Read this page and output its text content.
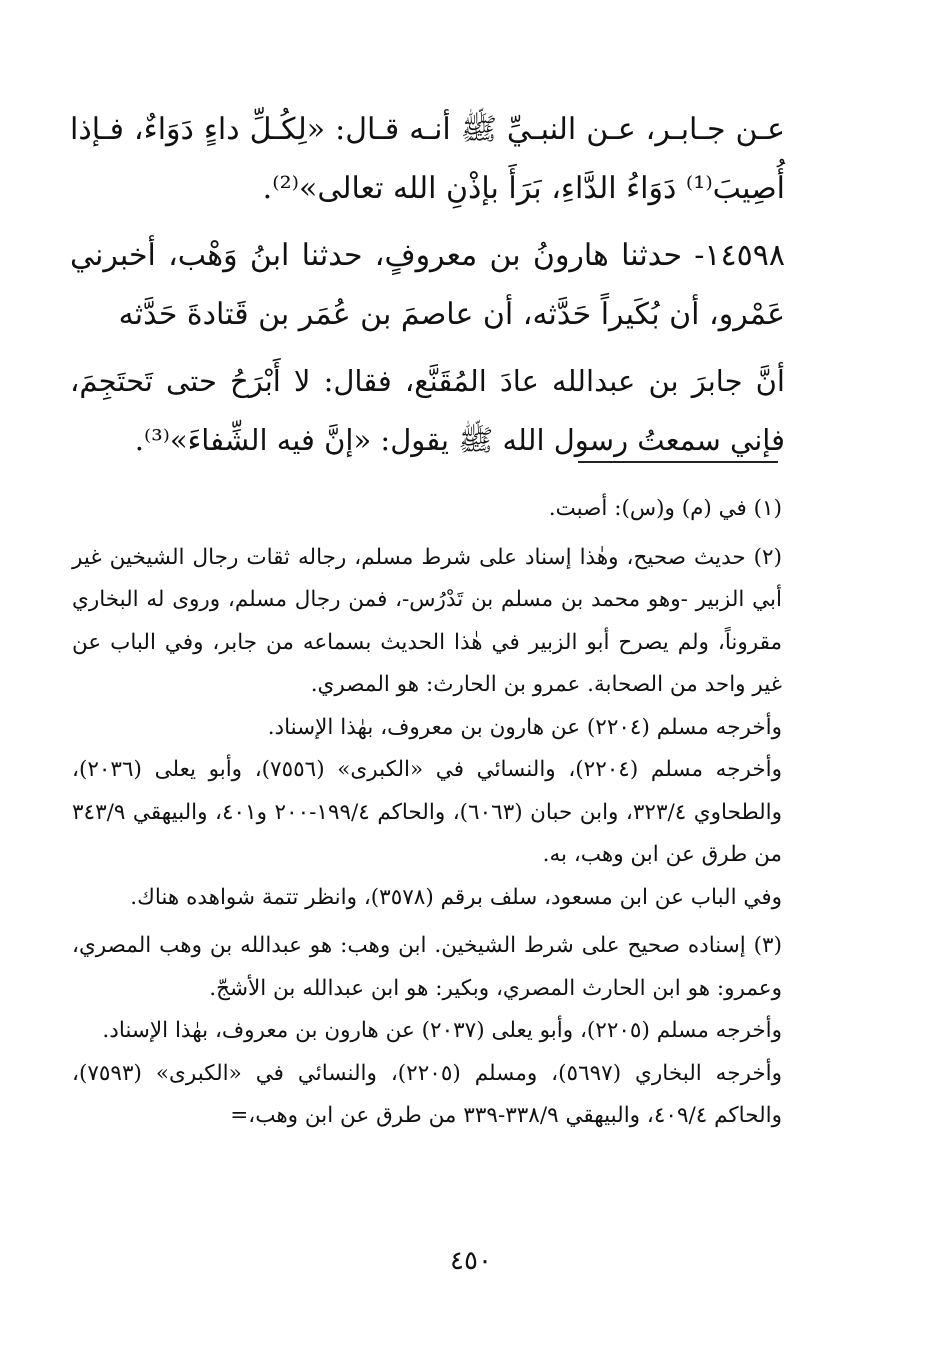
عـن جـابـر، عـن النبـيِّ ﷺ أنـه قـال: «لِكُـلِّ داءٍ دَوَاءٌ، فـإذا أُصِيبَ⁽¹⁾ دَوَاءُ الدَّاءِ، بَرَأَ بإذْنِ الله تعالى»⁽²⁾.

١٤٥٩٨- حدثنا هارونُ بن معروفٍ، حدثنا ابنُ وَهْب، أخبرني عَمْرو، أن بُكَيراً حَدَّثه، أن عاصمَ بن عُمَر بن قَتادةَ حَدَّثه

أنَّ جابرَ بن عبدالله عادَ المُقَنَّع، فقال: لا أَبْرَحُ حتى تَحتَجِمَ، فإني سمعتُ رسول الله ﷺ يقول: «إنَّ فيه الشِّفاءَ»⁽³⁾.

(١) في (م) و(س): أصبت.

(٢) حديث صحيح، وهٰذا إسناد على شرط مسلم، رجاله ثقات رجال الشيخين غير أبي الزبير -وهو محمد بن مسلم بن تَدْرُس-، فمن رجال مسلم، وروى له البخاري مقروناً، ولم يصرح أبو الزبير في هٰذا الحديث بسماعه من جابر، وفي الباب عن غير واحد من الصحابة. عمرو بن الحارث: هو المصري.

وأخرجه مسلم (٢٢٠٤) عن هارون بن معروف، بهٰذا الإسناد.

وأخرجه مسلم (٢٢٠٤)، والنسائي في «الكبرى» (٧٥٥٦)، وأبو يعلى (٢٠٣٦)، والطحاوي ٣٢٣/٤، وابن حبان (٦٠٦٣)، والحاكم ١٩٩/٤-٢٠٠ و٤٠١، والبيهقي ٣٤٣/٩ من طرق عن ابن وهب، به.

وفي الباب عن ابن مسعود، سلف برقم (٣٥٧٨)، وانظر تتمة شواهده هناك.

(٣) إسناده صحيح على شرط الشيخين. ابن وهب: هو عبدالله بن وهب المصري، وعمرو: هو ابن الحارث المصري، وبكير: هو ابن عبدالله بن الأشجّ.

وأخرجه مسلم (٢٢٠٥)، وأبو يعلى (٢٠٣٧) عن هارون بن معروف، بهٰذا الإسناد.

وأخرجه البخاري (٥٦٩٧)، ومسلم (٢٢٠٥)، والنسائي في «الكبرى» (٧٥٩٣)، والحاكم ٤٠٩/٤، والبيهقي ٣٣٨/٩-٣٣٩ من طرق عن ابن وهب،=

٤٥٠
